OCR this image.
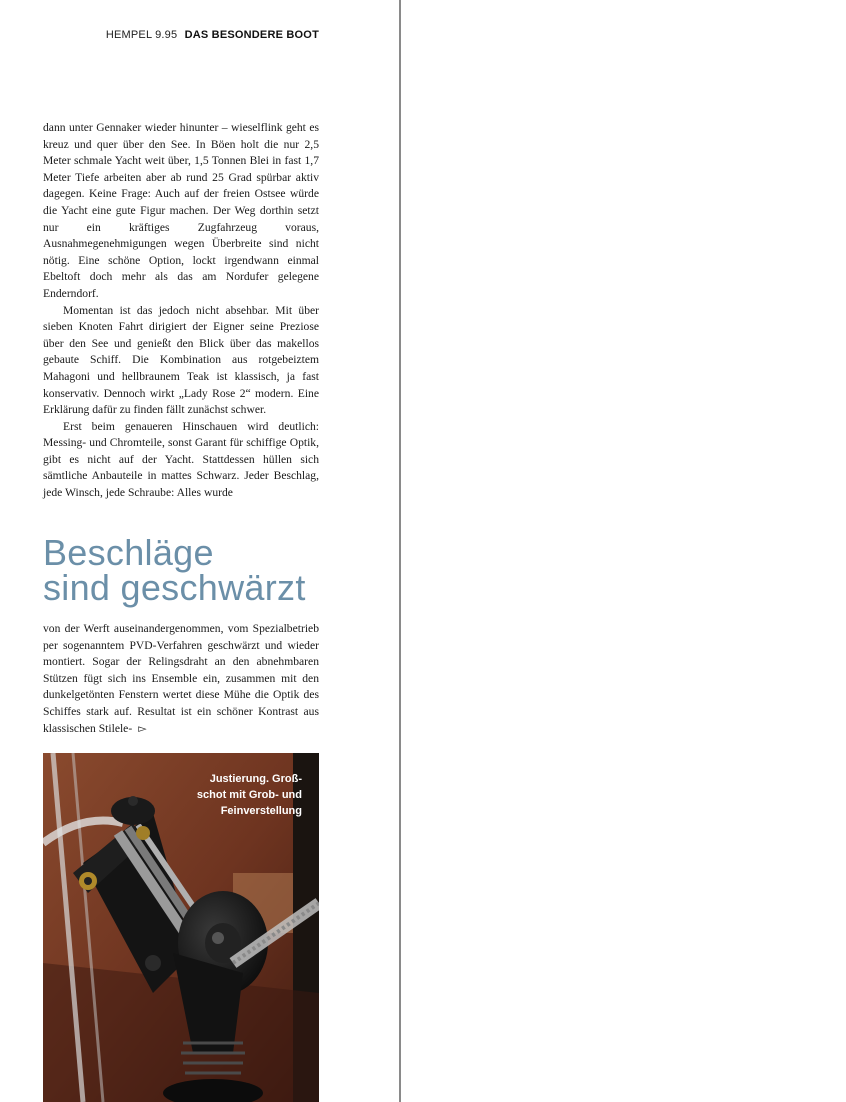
HEMPEL 9.95 DAS BESONDERE BOOT

dann unter Gennaker wieder hinunter – wieselflink geht es kreuz und quer über den See. In Böen holt die nur 2,5 Meter schmale Yacht weit über, 1,5 Tonnen Blei in fast 1,7 Meter Tiefe arbeiten aber ab rund 25 Grad spürbar aktiv dagegen. Keine Frage: Auch auf der freien Ostsee würde die Yacht eine gute Figur machen. Der Weg dorthin setzt nur ein kräftiges Zugfahrzeug voraus, Ausnahmegenehmigungen wegen Überbreite sind nicht nötig. Eine schöne Option, lockt irgendwann einmal Ebeltoft doch mehr als das am Nordufer gelegene Enderndorf.

Momentan ist das jedoch nicht absehbar. Mit über sieben Knoten Fahrt dirigiert der Eigner seine Preziose über den See und genießt den Blick über das makellos gebaute Schiff. Die Kombination aus rotgebeiztem Mahagoni und hellbraunem Teak ist klassisch, ja fast konservativ. Dennoch wirkt „Lady Rose 2“ modern. Eine Erklärung dafür zu finden fällt zunächst schwer.

Erst beim genaueren Hinschauen wird deutlich: Messing- und Chromteile, sonst Garant für schiffige Optik, gibt es nicht auf der Yacht. Stattdessen hüllen sich sämtliche Anbauteile in mattes Schwarz. Jeder Beschlag, jede Winsch, jede Schraube: Alles wurde

Beschläge
sind geschwärzt

von der Werft auseinandergenommen, vom Spezialbetrieb per sogenanntem PVD-Verfahren geschwärzt und wieder montiert. Sogar der Relingsdraht an den abnehmbaren Stützen fügt sich ins Ensemble ein, zusammen mit den dunkelgetönten Fenstern wertet diese Mühe die Optik des Schiffes stark auf. Resultat ist ein schöner Kontrast aus klassischen Stilele- ▻

Justierung. Groß-
schot mit Grob- und
Feinverstellung
